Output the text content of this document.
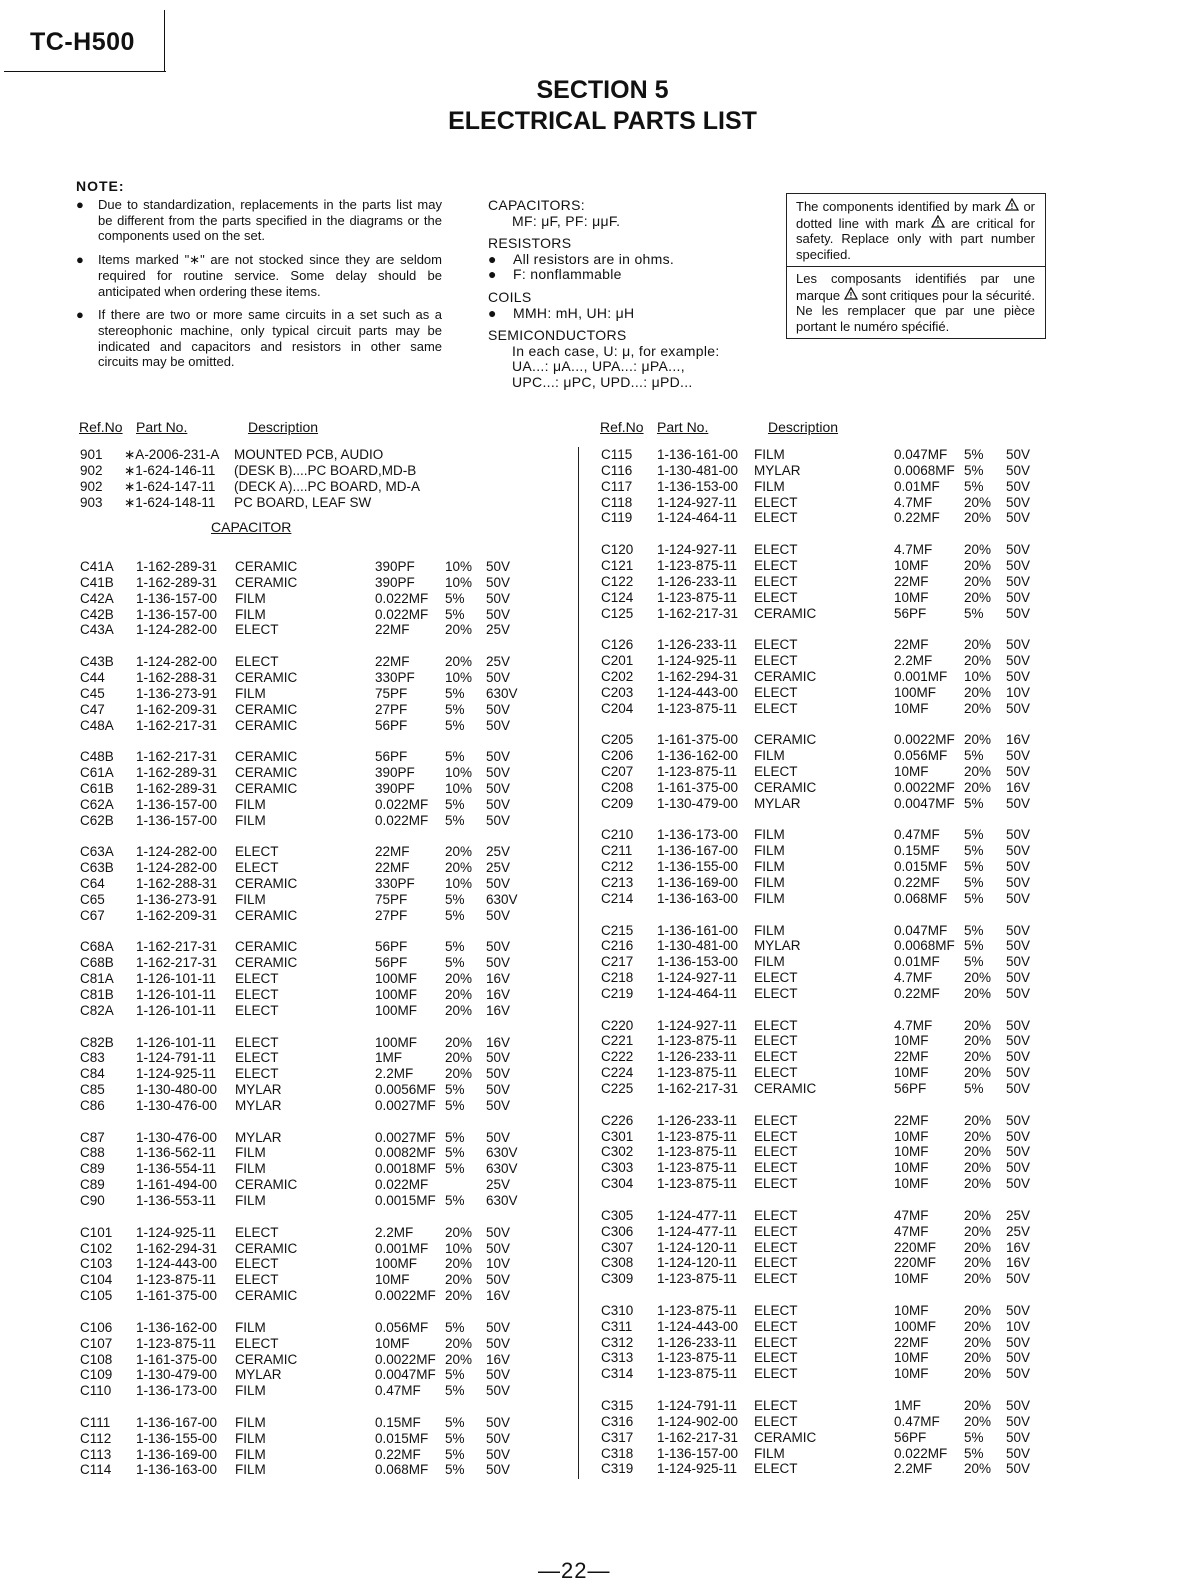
TC-H500
SECTION 5
ELECTRICAL PARTS LIST
NOTE:
● Due to standardization, replacements in the parts list may be different from the parts specified in the diagrams or the components used on the set.
● Items marked "∗" are not stocked since they are seldom required for routine service. Some delay should be anticipated when ordering these items.
● If there are two or more same circuits in a set such as a stereophonic machine, only typical circuit parts may be indicated and capacitors and resistors in other same circuits may be omitted.
CAPACITORS:
MF: μF, PF: μμF.
RESISTORS
● All resistors are in ohms.
● F: nonflammable
COILS
● MMH: mH, UH: μH
SEMICONDUCTORS
In each case, U: μ, for example:
UA...: μA..., UPA...: μPA...,
UPC...: μPC, UPD...: μPD...
The components identified by mark ! or dotted line with mark ! are critical for safety. Replace only with part number specified.
Les composants identifiés par une marque ! sont critiques pour la sécurité. Ne les remplacer que par une pièce portant le numéro spécifié.
Ref.No Part No.	Description
901 ∗A-2006-231-A MOUNTED PCB, AUDIO
902 ∗1-624-146-11 (DESK B)....PC BOARD,MD-B
902 ∗1-624-147-11 (DECK A)....PC BOARD, MD-A
903 ∗1-624-148-11 PC BOARD, LEAF SW
CAPACITOR
C41A 1-162-289-31 CERAMIC	390PF 10% 50V
C41B 1-162-289-31 CERAMIC	390PF 10% 50V
C42A 1-136-157-00 FILM	0.022MF 5% 50V
C42B 1-136-157-00 FILM	0.022MF 5% 50V
C43A 1-124-282-00 ELECT	22MF	20% 25V
C43B 1-124-282-00 ELECT	22MF	20% 25V
C44 1-162-288-31 CERAMIC	330PF 10% 50V
C45 1-136-273-91 FILM	75PF	5% 630V
C47 1-162-209-31 CERAMIC	27PF	5% 50V
C48A 1-162-217-31 CERAMIC	56PF	5% 50V
C48B 1-162-217-31 CERAMIC	56PF	5% 50V
C61A 1-162-289-31 CERAMIC	390PF 10% 50V
C61B 1-162-289-31 CERAMIC	390PF 10% 50V
C62A 1-136-157-00 FILM	0.022MF 5% 50V
C62B 1-136-157-00 FILM	0.022MF 5% 50V
C63A 1-124-282-00 ELECT	22MF	20% 25V
C63B 1-124-282-00 ELECT	22MF	20% 25V
C64 1-162-288-31 CERAMIC	330PF 10% 50V
C65 1-136-273-91 FILM	75PF	5% 630V
C67 1-162-209-31 CERAMIC	27PF	5% 50V
C68A 1-162-217-31 CERAMIC	56PF	5% 50V
C68B 1-162-217-31 CERAMIC	56PF	5% 50V
C81A 1-126-101-11 ELECT	100MF 20% 16V
C81B 1-126-101-11 ELECT	100MF 20% 16V
C82A 1-126-101-11 ELECT	100MF 20% 16V
C82B 1-126-101-11 ELECT	100MF 20% 16V
C83 1-124-791-11 ELECT	1MF	20% 50V
C84 1-124-925-11 ELECT	2.2MF 20% 50V
C85 1-130-480-00 MYLAR	0.0056MF 5% 50V
C86 1-130-476-00 MYLAR	0.0027MF 5% 50V
C87 1-130-476-00 MYLAR	0.0027MF 5% 50V
C88 1-136-562-11 FILM	0.0082MF 5% 630V
C89 1-136-554-11 FILM	0.0018MF 5% 630V
C89 1-161-494-00 CERAMIC	0.022MF	25V
C90 1-136-553-11 FILM	0.0015MF 5% 630V
C101 1-124-925-11 ELECT	2.2MF 20% 50V
C102 1-162-294-31 CERAMIC	0.001MF 10% 50V
C103 1-124-443-00 ELECT	100MF 20% 10V
C104 1-123-875-11 ELECT	10MF	20% 50V
C105 1-161-375-00 CERAMIC	0.0022MF 20% 16V
C106 1-136-162-00 FILM	0.056MF 5% 50V
C107 1-123-875-11 ELECT	10MF	20% 50V
C108 1-161-375-00 CERAMIC	0.0022MF 20% 16V
C109 1-130-479-00 MYLAR	0.0047MF 5% 50V
C110 1-136-173-00 FILM	0.47MF 5% 50V
C111 1-136-167-00 FILM	0.15MF 5% 50V
C112 1-136-155-00 FILM	0.015MF 5% 50V
C113 1-136-169-00 FILM	0.22MF 5% 50V
C114 1-136-163-00 FILM	0.068MF 5% 50V
Ref.No Part No.	Description
C115 1-136-161-00 FILM	0.047MF 5% 50V
C116 1-130-481-00 MYLAR	0.0068MF 5% 50V
C117 1-136-153-00 FILM	0.01MF 5% 50V
C118 1-124-927-11 ELECT	4.7MF 20% 50V
C119 1-124-464-11 ELECT	0.22MF 20% 50V
C120 1-124-927-11 ELECT	4.7MF 20% 50V
C121 1-123-875-11 ELECT	10MF	20% 50V
C122 1-126-233-11 ELECT	22MF	20% 50V
C124 1-123-875-11 ELECT	10MF	20% 50V
C125 1-162-217-31 CERAMIC	56PF	5% 50V
C126 1-126-233-11 ELECT	22MF	20% 50V
C201 1-124-925-11 ELECT	2.2MF 20% 50V
C202 1-162-294-31 CERAMIC	0.001MF 10% 50V
C203 1-124-443-00 ELECT	100MF 20% 10V
C204 1-123-875-11 ELECT	10MF	20% 50V
C205 1-161-375-00 CERAMIC	0.0022MF 20% 16V
C206 1-136-162-00 FILM	0.056MF 5% 50V
C207 1-123-875-11 ELECT	10MF	20% 50V
C208 1-161-375-00 CERAMIC	0.0022MF 20% 16V
C209 1-130-479-00 MYLAR	0.0047MF 5% 50V
C210 1-136-173-00 FILM	0.47MF 5% 50V
C211 1-136-167-00 FILM	0.15MF 5% 50V
C212 1-136-155-00 FILM	0.015MF 5% 50V
C213 1-136-169-00 FILM	0.22MF 5% 50V
C214 1-136-163-00 FILM	0.068MF 5% 50V
C215 1-136-161-00 FILM	0.047MF 5% 50V
C216 1-130-481-00 MYLAR	0.0068MF 5% 50V
C217 1-136-153-00 FILM	0.01MF 5% 50V
C218 1-124-927-11 ELECT	4.7MF 20% 50V
C219 1-124-464-11 ELECT	0.22MF 20% 50V
C220 1-124-927-11 ELECT	4.7MF 20% 50V
C221 1-123-875-11 ELECT	10MF	20% 50V
C222 1-126-233-11 ELECT	22MF	20% 50V
C224 1-123-875-11 ELECT	10MF	20% 50V
C225 1-162-217-31 CERAMIC	56PF	5% 50V
C226 1-126-233-11 ELECT	22MF	20% 50V
C301 1-123-875-11 ELECT	10MF	20% 50V
C302 1-123-875-11 ELECT	10MF	20% 50V
C303 1-123-875-11 ELECT	10MF	20% 50V
C304 1-123-875-11 ELECT	10MF	20% 50V
C305 1-124-477-11 ELECT	47MF	20% 25V
C306 1-124-477-11 ELECT	47MF	20% 25V
C307 1-124-120-11 ELECT	220MF 20% 16V
C308 1-124-120-11 ELECT	220MF 20% 16V
C309 1-123-875-11 ELECT	10MF	20% 50V
C310 1-123-875-11 ELECT	10MF	20% 50V
C311 1-124-443-00 ELECT	100MF 20% 10V
C312 1-126-233-11 ELECT	22MF	20% 50V
C313 1-123-875-11 ELECT	10MF	20% 50V
C314 1-123-875-11 ELECT	10MF	20% 50V
C315 1-124-791-11 ELECT	1MF	20% 50V
C316 1-124-902-00 ELECT	0.47MF 20% 50V
C317 1-162-217-31 CERAMIC	56PF	5% 50V
C318 1-136-157-00 FILM	0.022MF 5% 50V
C319 1-124-925-11 ELECT	2.2MF 20% 50V
—22—
